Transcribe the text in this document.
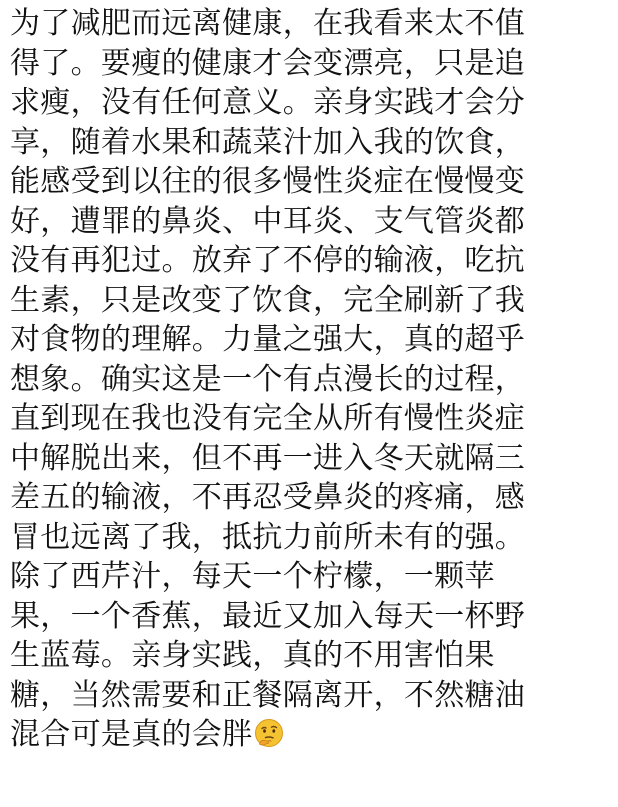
为了减肥而远离健康，在我看来太不值
得了。要瘦的健康才会变漂亮，只是追
求瘦，没有任何意义。亲身实践才会分
享，随着水果和蔬菜汁加入我的饮食，
能感受到以往的很多慢性炎症在慢慢变
好，遭罪的鼻炎、中耳炎、支气管炎都
没有再犯过。放弃了不停的输液，吃抗
生素，只是改变了饮食，完全刷新了我
对食物的理解。力量之强大，真的超乎
想象。确实这是一个有点漫长的过程，
直到现在我也没有完全从所有慢性炎症
中解脱出来，但不再一进入冬天就隔三
差五的输液，不再忍受鼻炎的疼痛，感
冒也远离了我，抵抗力前所未有的强。
除了西芹汁，每天一个柠檬，一颗苹
果，一个香蕉，最近又加入每天一杯野
生蓝莓。亲身实践，真的不用害怕果
糖，当然需要和正餐隔离开，不然糖油
混合可是真的会胖
